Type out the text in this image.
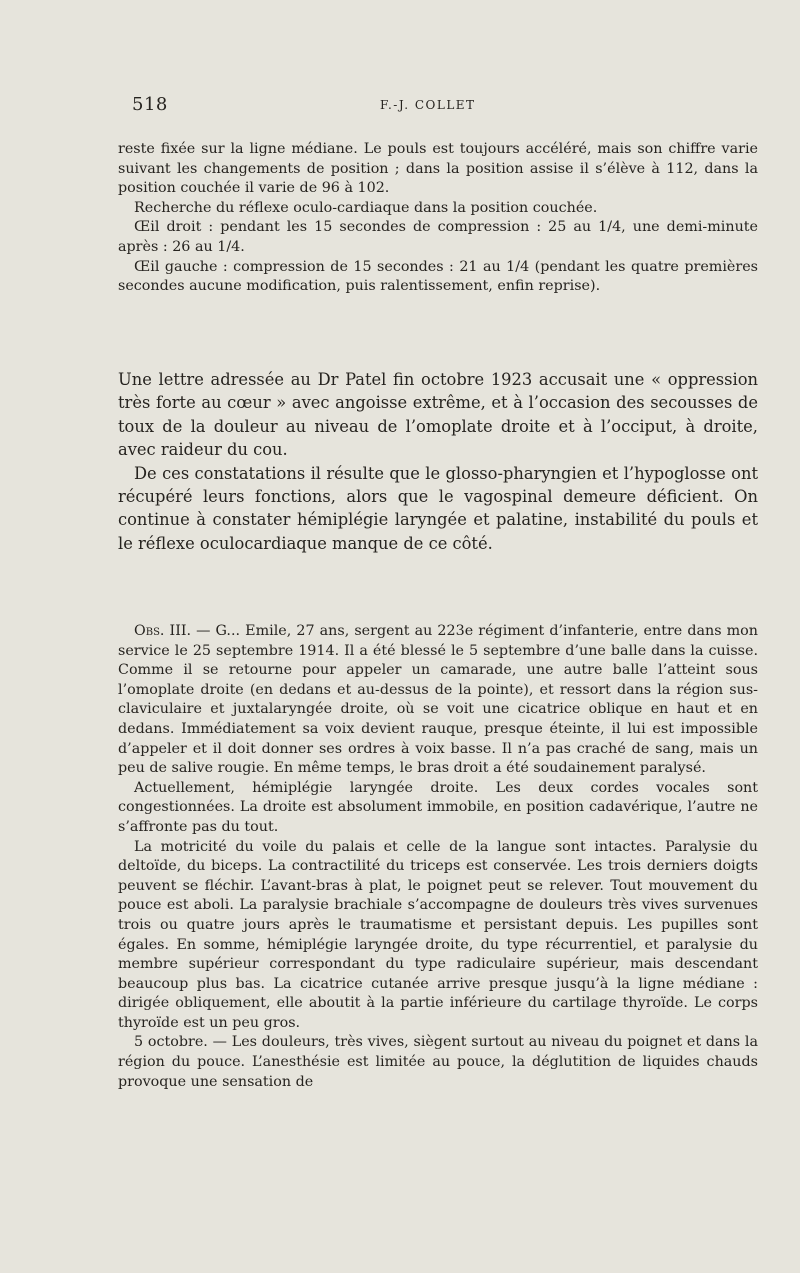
518	F.-J. COLLET

reste fixée sur la ligne médiane. Le pouls est toujours accéléré, mais son chiffre varie suivant les changements de position ; dans la position assise il s’élève à 112, dans la position couchée il varie de 96 à 102.

Recherche du réflexe oculo-cardiaque dans la position couchée.

Œil droit : pendant les 15 secondes de compression : 25 au 1/4, une demi-minute après : 26 au 1/4.

Œil gauche : compression de 15 secondes : 21 au 1/4 (pendant les quatre premières secondes aucune modification, puis ralentissement, enfin reprise).

Une lettre adressée au Dr Patel fin octobre 1923 accusait une « oppression très forte au cœur » avec angoisse extrême, et à l’occasion des secousses de toux de la douleur au niveau de l’omoplate droite et à l’occiput, à droite, avec raideur du cou.

De ces constatations il résulte que le glosso-pharyngien et l’hypoglosse ont récupéré leurs fonctions, alors que le vagospinal demeure déficient. On continue à constater hémiplégie laryngée et palatine, instabilité du pouls et le réflexe oculocardiaque manque de ce côté.

Obs. III. — G... Emile, 27 ans, sergent au 223e régiment d’infanterie, entre dans mon service le 25 septembre 1914. Il a été blessé le 5 septembre d’une balle dans la cuisse. Comme il se retourne pour appeler un camarade, une autre balle l’atteint sous l’omoplate droite (en dedans et au-dessus de la pointe), et ressort dans la région sus-claviculaire et juxtalaryngée droite, où se voit une cicatrice oblique en haut et en dedans. Immédiatement sa voix devient rauque, presque éteinte, il lui est impossible d’appeler et il doit donner ses ordres à voix basse. Il n’a pas craché de sang, mais un peu de salive rougie. En même temps, le bras droit a été soudainement paralysé.

Actuellement, hémiplégie laryngée droite. Les deux cordes vocales sont congestionnées. La droite est absolument immobile, en position cadavérique, l’autre ne s’affronte pas du tout.

La motricité du voile du palais et celle de la langue sont intactes. Paralysie du deltoïde, du biceps. La contractilité du triceps est conservée. Les trois derniers doigts peuvent se fléchir. L’avant-bras à plat, le poignet peut se relever. Tout mouvement du pouce est aboli. La paralysie brachiale s’accompagne de douleurs très vives survenues trois ou quatre jours après le traumatisme et persistant depuis. Les pupilles sont égales. En somme, hémiplégie laryngée droite, du type récurrentiel, et paralysie du membre supérieur correspondant du type radiculaire supérieur, mais descendant beaucoup plus bas. La cicatrice cutanée arrive presque jusqu’à la ligne médiane : dirigée obliquement, elle aboutit à la partie inférieure du cartilage thyroïde. Le corps thyroïde est un peu gros.

5 octobre. — Les douleurs, très vives, siègent surtout au niveau du poignet et dans la région du pouce. L’anesthésie est limitée au pouce, la déglutition de liquides chauds provoque une sensation de
